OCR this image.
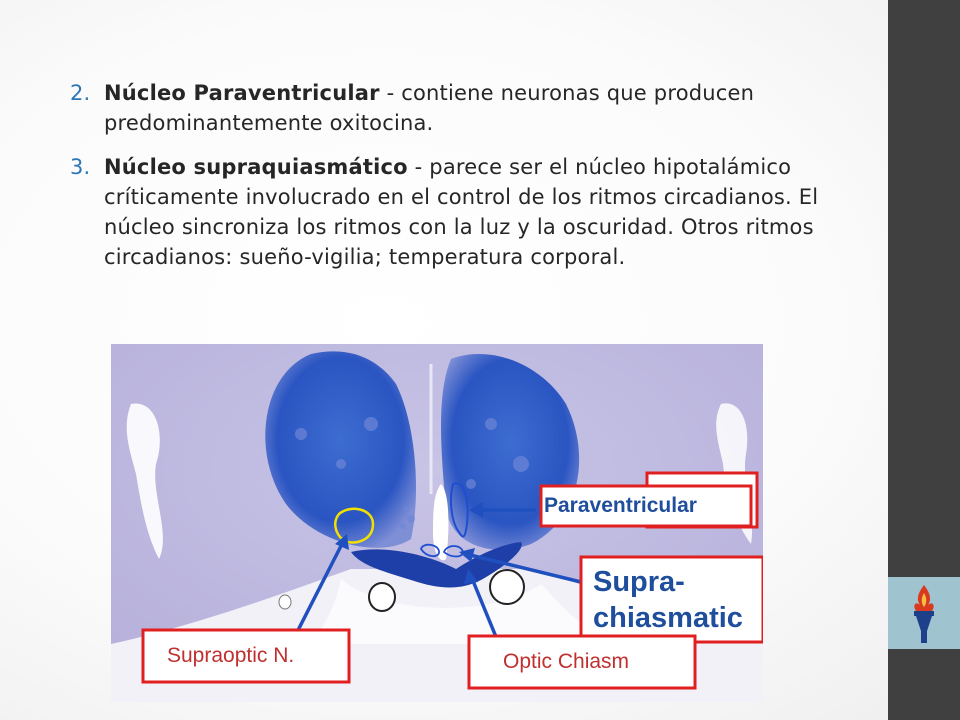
2. Núcleo Paraventricular - contiene neuronas que producen predominantemente oxitocina.
3. Núcleo supraquiasmático - parece ser el núcleo hipotalámico críticamente involucrado en el control de los ritmos circadianos. El núcleo sincroniza los ritmos con la luz y la oscuridad. Otros ritmos circadianos: sueño-vigilia; temperatura corporal.
Paraventricular
Supra-
chiasmatic
Supraoptic N.	Optic Chiasm
